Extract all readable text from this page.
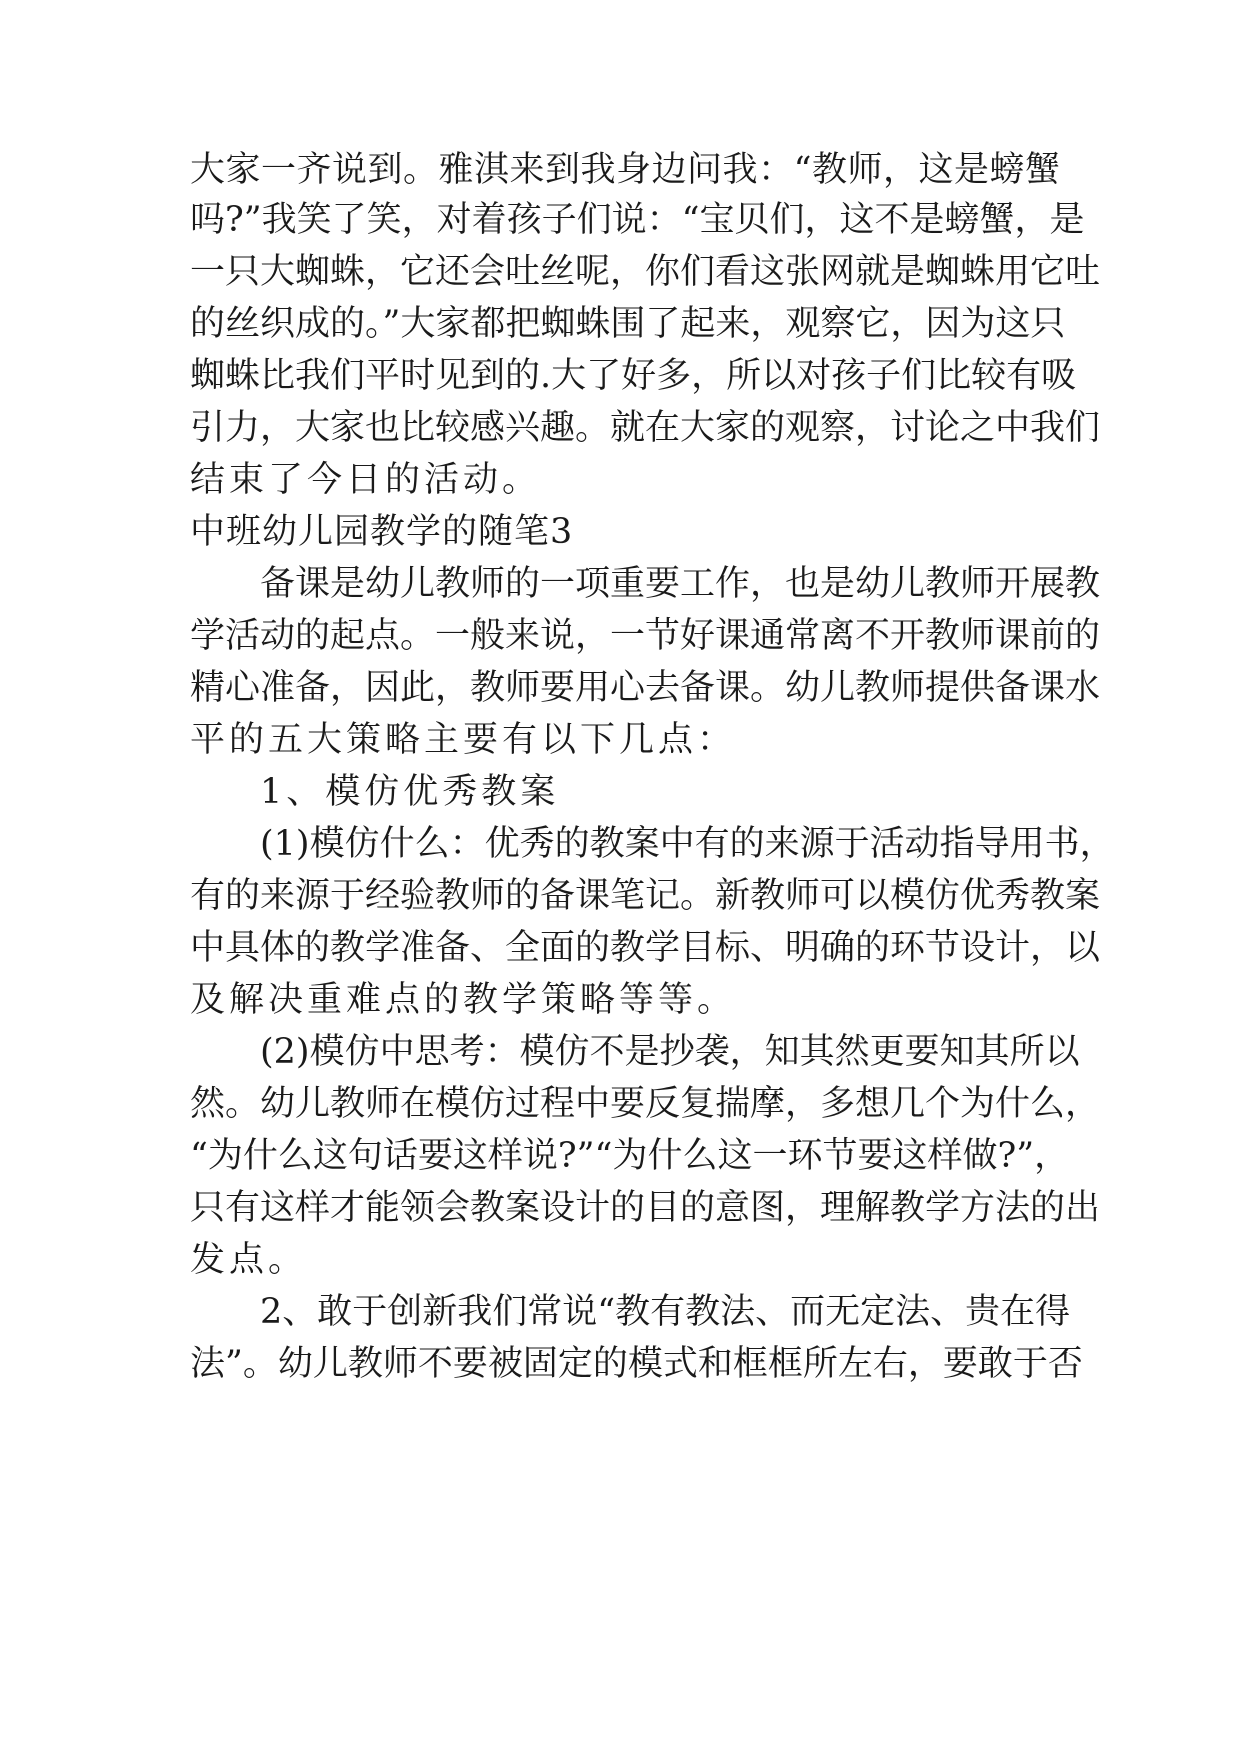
大家一齐说到。雅淇来到我身边问我：“教师，这是螃蟹
吗?”我笑了笑，对着孩子们说：“宝贝们，这不是螃蟹，是
一只大蜘蛛，它还会吐丝呢，你们看这张网就是蜘蛛用它吐
的丝织成的。”大家都把蜘蛛围了起来，观察它，因为这只
蜘蛛比我们平时见到的.大了好多，所以对孩子们比较有吸
引力，大家也比较感兴趣。就在大家的观察，讨论之中我们
结束了今日的活动。
中班幼儿园教学的随笔3
备课是幼儿教师的一项重要工作，也是幼儿教师开展教
学活动的起点。一般来说，一节好课通常离不开教师课前的
精心准备，因此，教师要用心去备课。幼儿教师提供备课水
平的五大策略主要有以下几点：
1、模仿优秀教案
(1)模仿什么：优秀的教案中有的来源于活动指导用书，
有的来源于经验教师的备课笔记。新教师可以模仿优秀教案
中具体的教学准备、全面的教学目标、明确的环节设计，以
及解决重难点的教学策略等等。
(2)模仿中思考：模仿不是抄袭，知其然更要知其所以
然。幼儿教师在模仿过程中要反复揣摩，多想几个为什么，
“为什么这句话要这样说?”“为什么这一环节要这样做?”，
只有这样才能领会教案设计的目的意图，理解教学方法的出
发点。
2、敢于创新我们常说“教有教法、而无定法、贵在得
法”。幼儿教师不要被固定的模式和框框所左右，要敢于否
